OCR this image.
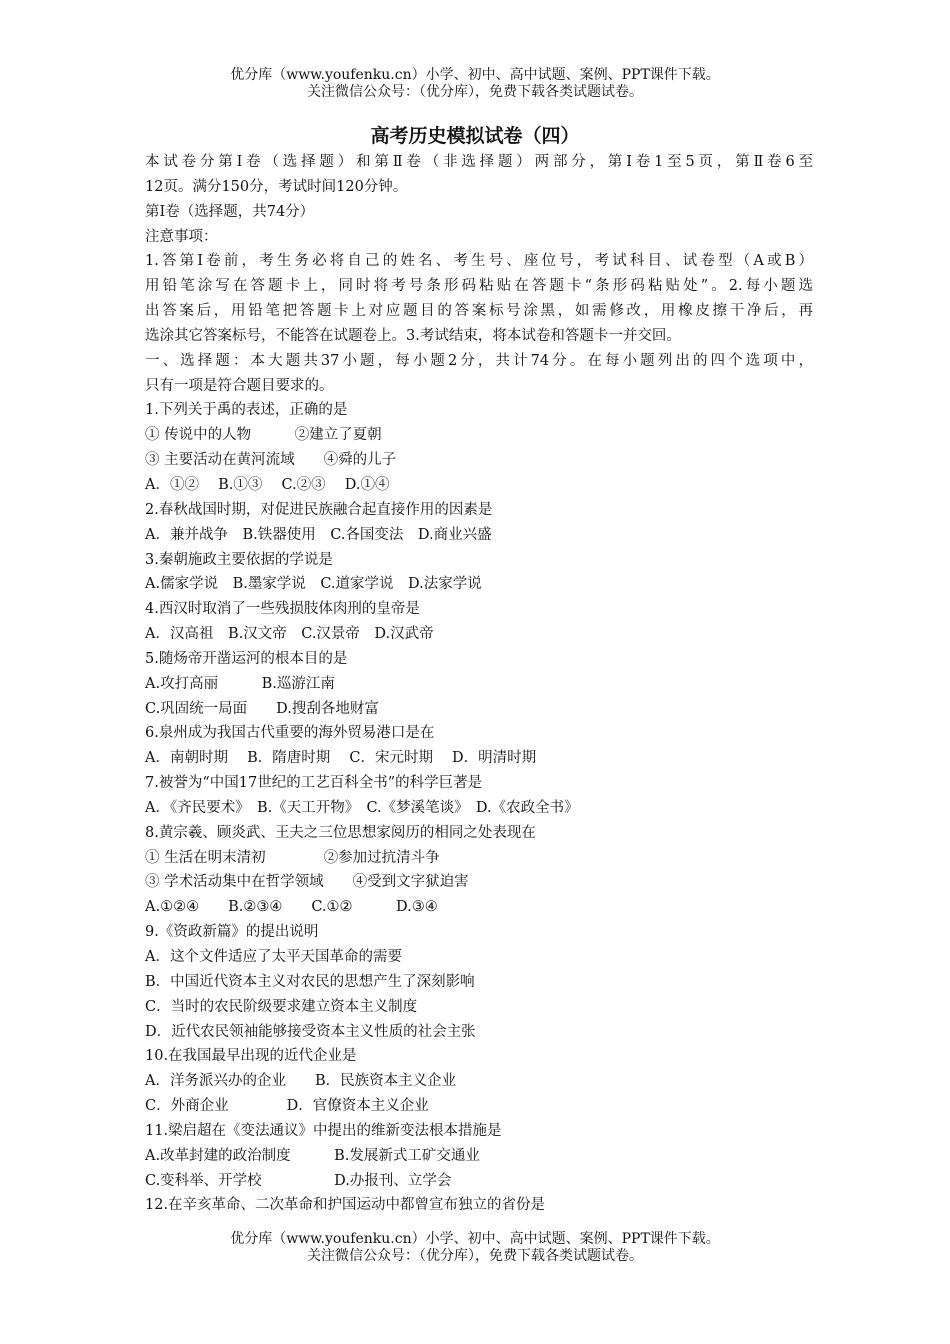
优分库（www.youfenku.cn）小学、初中、高中试题、案例、PPT课件下载。
关注微信公众号：（优分库），免费下载各类试题试卷。
高考历史模拟试卷（四）
本试卷分第Ⅰ卷（选择题）和第Ⅱ卷（非选择题）两部分，第Ⅰ卷1至5页，第Ⅱ卷6至
12页。满分150分，考试时间120分钟。
第Ⅰ卷（选择题，共74分）
注意事项：
1.答第Ⅰ卷前，考生务必将自己的姓名、考生号、座位号，考试科目、试卷型（A或B）
用铅笔涂写在答题卡上，同时将考号条形码粘贴在答题卡“条形码粘贴处”。2.每小题选
出答案后，用铅笔把答题卡上对应题目的答案标号涂黑，如需修改，用橡皮擦干净后，再
选涂其它答案标号，不能答在试题卷上。3.考试结束，将本试卷和答题卡一并交回。
一、选择题：本大题共37小题，每小题2分，共计74分。在每小题列出的四个选项中，
只有一项是符合题目要求的。
1.下列关于禹的表述，正确的是
① 传说中的人物　　　②建立了夏朝
③ 主要活动在黄河流域　　④舜的儿子
A．①②　 B.①③　 C.②③　 D.①④
2.春秋战国时期，对促进民族融合起直接作用的因素是
A．兼并战争　B.铁器使用　C.各国变法　D.商业兴盛
3.秦朝施政主要依据的学说是
A.儒家学说　B.墨家学说　C.道家学说　D.法家学说
4.西汉时取消了一些残损肢体肉刑的皇帝是
A．汉高祖　B.汉文帝　C.汉景帝　D.汉武帝
5.随炀帝开凿运河的根本目的是
A.攻打高丽　　　B.巡游江南
C.巩固统一局面　　D.搜刮各地财富
6.泉州成为我国古代重要的海外贸易港口是在
A．南朝时期　 B．隋唐时期　 C．宋元时期　 D．明清时期
7.被誉为“中国17世纪的工艺百科全书”的科学巨著是
A．《齐民要术》　B.《天工开物》　C.《梦溪笔谈》　D.《农政全书》
8.黄宗羲、顾炎武、王夫之三位思想家阅历的相同之处表现在
① 生活在明末清初　　　　②参加过抗清斗争
③ 学术活动集中在哲学领域　　④受到文字狱迫害
A.①②④　　B.②③④　　C.①②　　　D.③④
9.《资政新篇》的提出说明
A．这个文件适应了太平天国革命的需要
B．中国近代资本主义对农民的思想产生了深刻影响
C．当时的农民阶级要求建立资本主义制度
D．近代农民领袖能够接受资本主义性质的社会主张
10.在我国最早出现的近代企业是
A．洋务派兴办的企业　　B．民族资本主义企业
C．外商企业　　　　D．官僚资本主义企业
11.梁启超在《变法通议》中提出的维新变法根本措施是
A.改革封建的政治制度　　　B.发展新式工矿交通业
C.变科举、开学校　　　　　D.办报刊、立学会
12.在辛亥革命、二次革命和护国运动中都曾宣布独立的省份是
优分库（www.youfenku.cn）小学、初中、高中试题、案例、PPT课件下载。
关注微信公众号：（优分库），免费下载各类试题试卷。
